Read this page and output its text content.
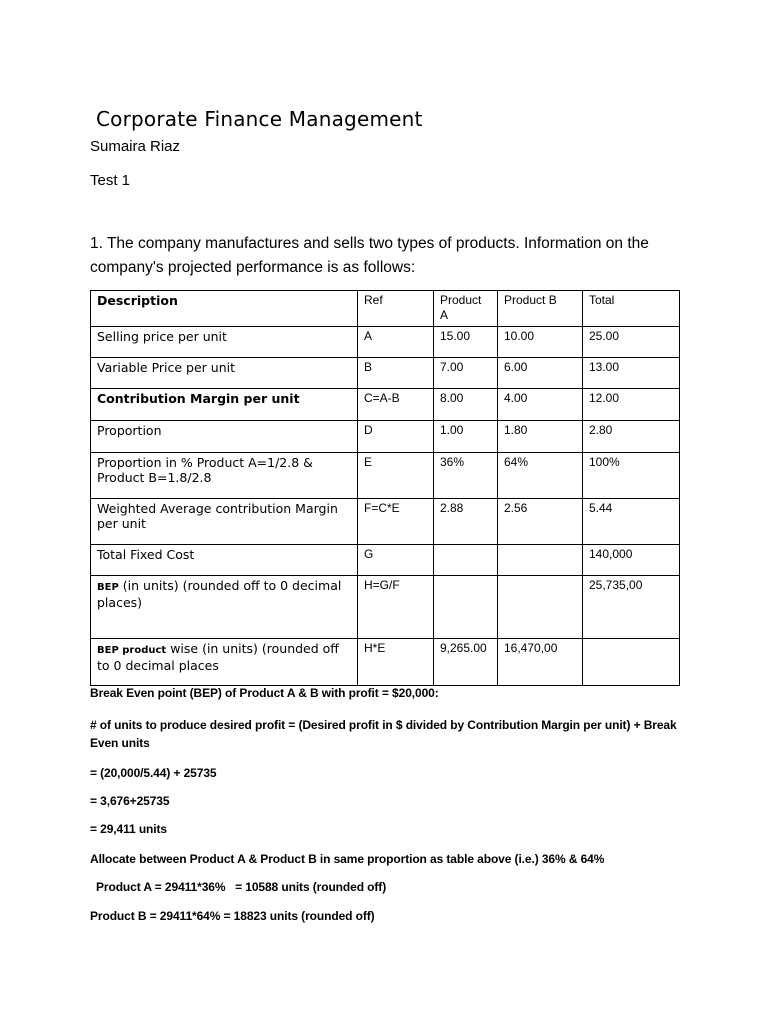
Corporate Finance Management
Sumaira Riaz
Test 1
1. The company manufactures and sells two types of products. Information on the company's projected performance is as follows:
Description	Ref	Product A	Product B	Total
Selling price per unit	A	15.00	10.00	25.00
Variable Price per unit	B	7.00	6.00	13.00
Contribution Margin per unit	C=A-B	8.00	4.00	12.00
Proportion	D	1.00	1.80	2.80
Proportion in % Product A=1/2.8 & Product B=1.8/2.8	E	36%	64%	100%
Weighted Average contribution Margin per unit	F=C*E	2.88	2.56	5.44
Total Fixed Cost	G			140,000
BEP (in units) (rounded off to 0 decimal places)	H=G/F			25,735,00
BEP product wise (in units) (rounded off to 0 decimal places	H*E	9,265.00	16,470,00	

Break Even point (BEP) of Product A & B with profit = $20,000:

# of units to produce desired profit = (Desired profit in $ divided by Contribution Margin per unit) + Break Even units

= (20,000/5.44) + 25735

= 3,676+25735

= 29,411 units

Allocate between Product A & Product B in same proportion as table above (i.e.) 36% & 64%

Product A = 29411*36%   = 10588 units (rounded off)

Product B = 29411*64% = 18823 units (rounded off)
